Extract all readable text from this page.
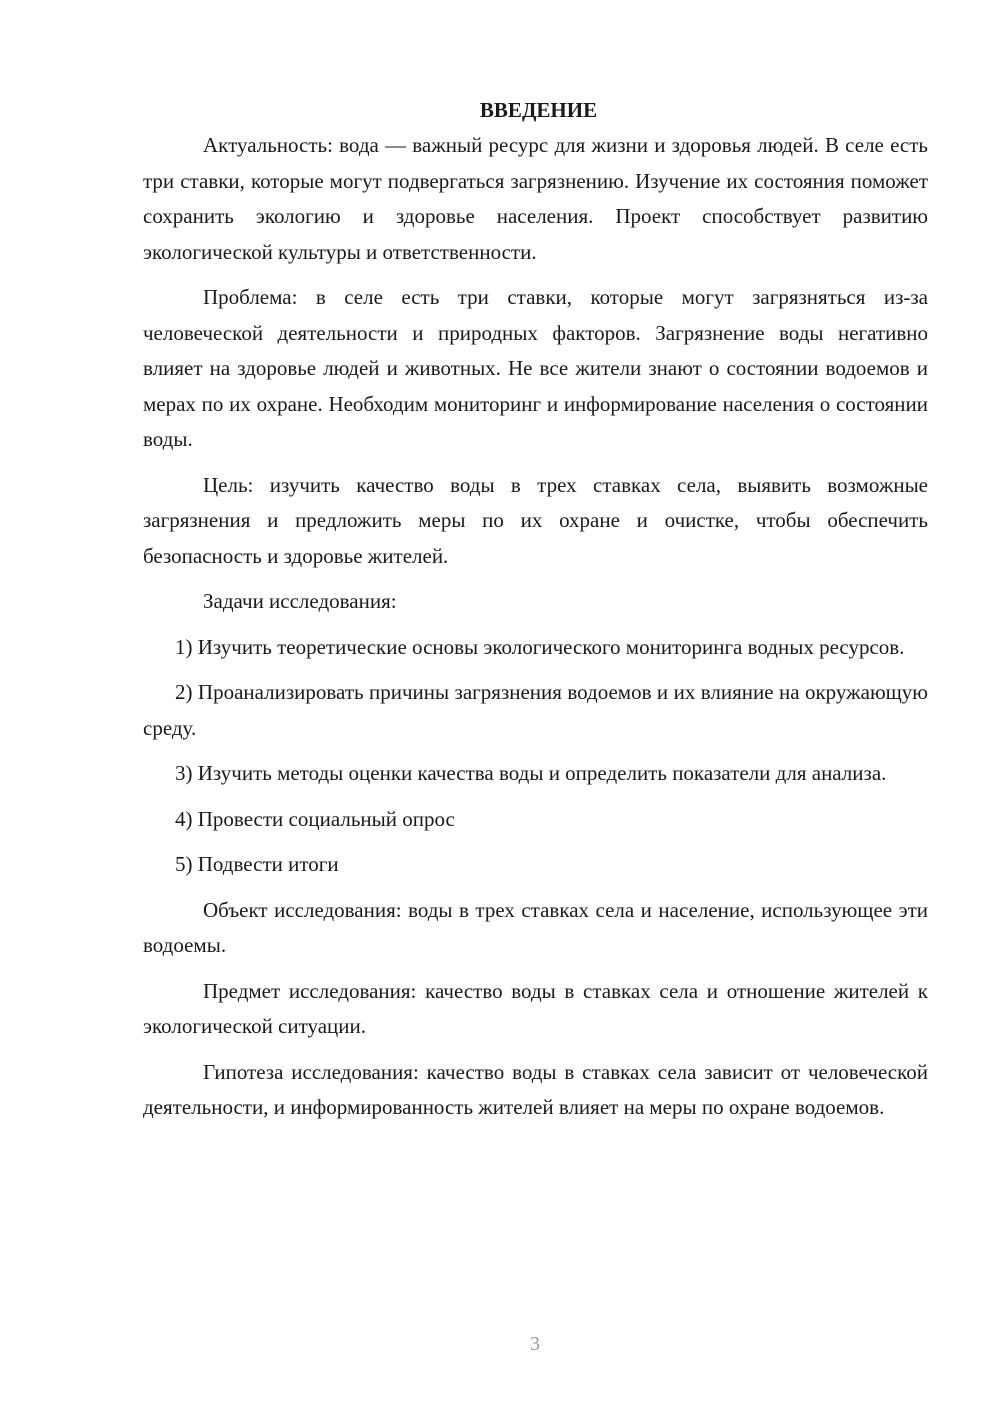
ВВЕДЕНИЕ

Актуальность: вода — важный ресурс для жизни и здоровья людей. В селе есть три ставки, которые могут подвергаться загрязнению. Изучение их состояния поможет сохранить экологию и здоровье населения. Проект способствует развитию экологической культуры и ответственности.

Проблема: в селе есть три ставки, которые могут загрязняться из-за человеческой деятельности и природных факторов. Загрязнение воды негативно влияет на здоровье людей и животных. Не все жители знают о состоянии водоемов и мерах по их охране. Необходим мониторинг и информирование населения о состоянии воды.

Цель: изучить качество воды в трех ставках села, выявить возможные загрязнения и предложить меры по их охране и очистке, чтобы обеспечить безопасность и здоровье жителей.

Задачи исследования:

1) Изучить теоретические основы экологического мониторинга водных ресурсов.

2) Проанализировать причины загрязнения водоемов и их влияние на окружающую среду.

3) Изучить методы оценки качества воды и определить показатели для анализа.

4) Провести социальный опрос

5) Подвести итоги

Объект исследования: воды в трех ставках села и население, использующее эти водоемы.

Предмет исследования: качество воды в ставках села и отношение жителей к экологической ситуации.

Гипотеза исследования: качество воды в ставках села зависит от человеческой деятельности, и информированность жителей влияет на меры по охране водоемов.

3
